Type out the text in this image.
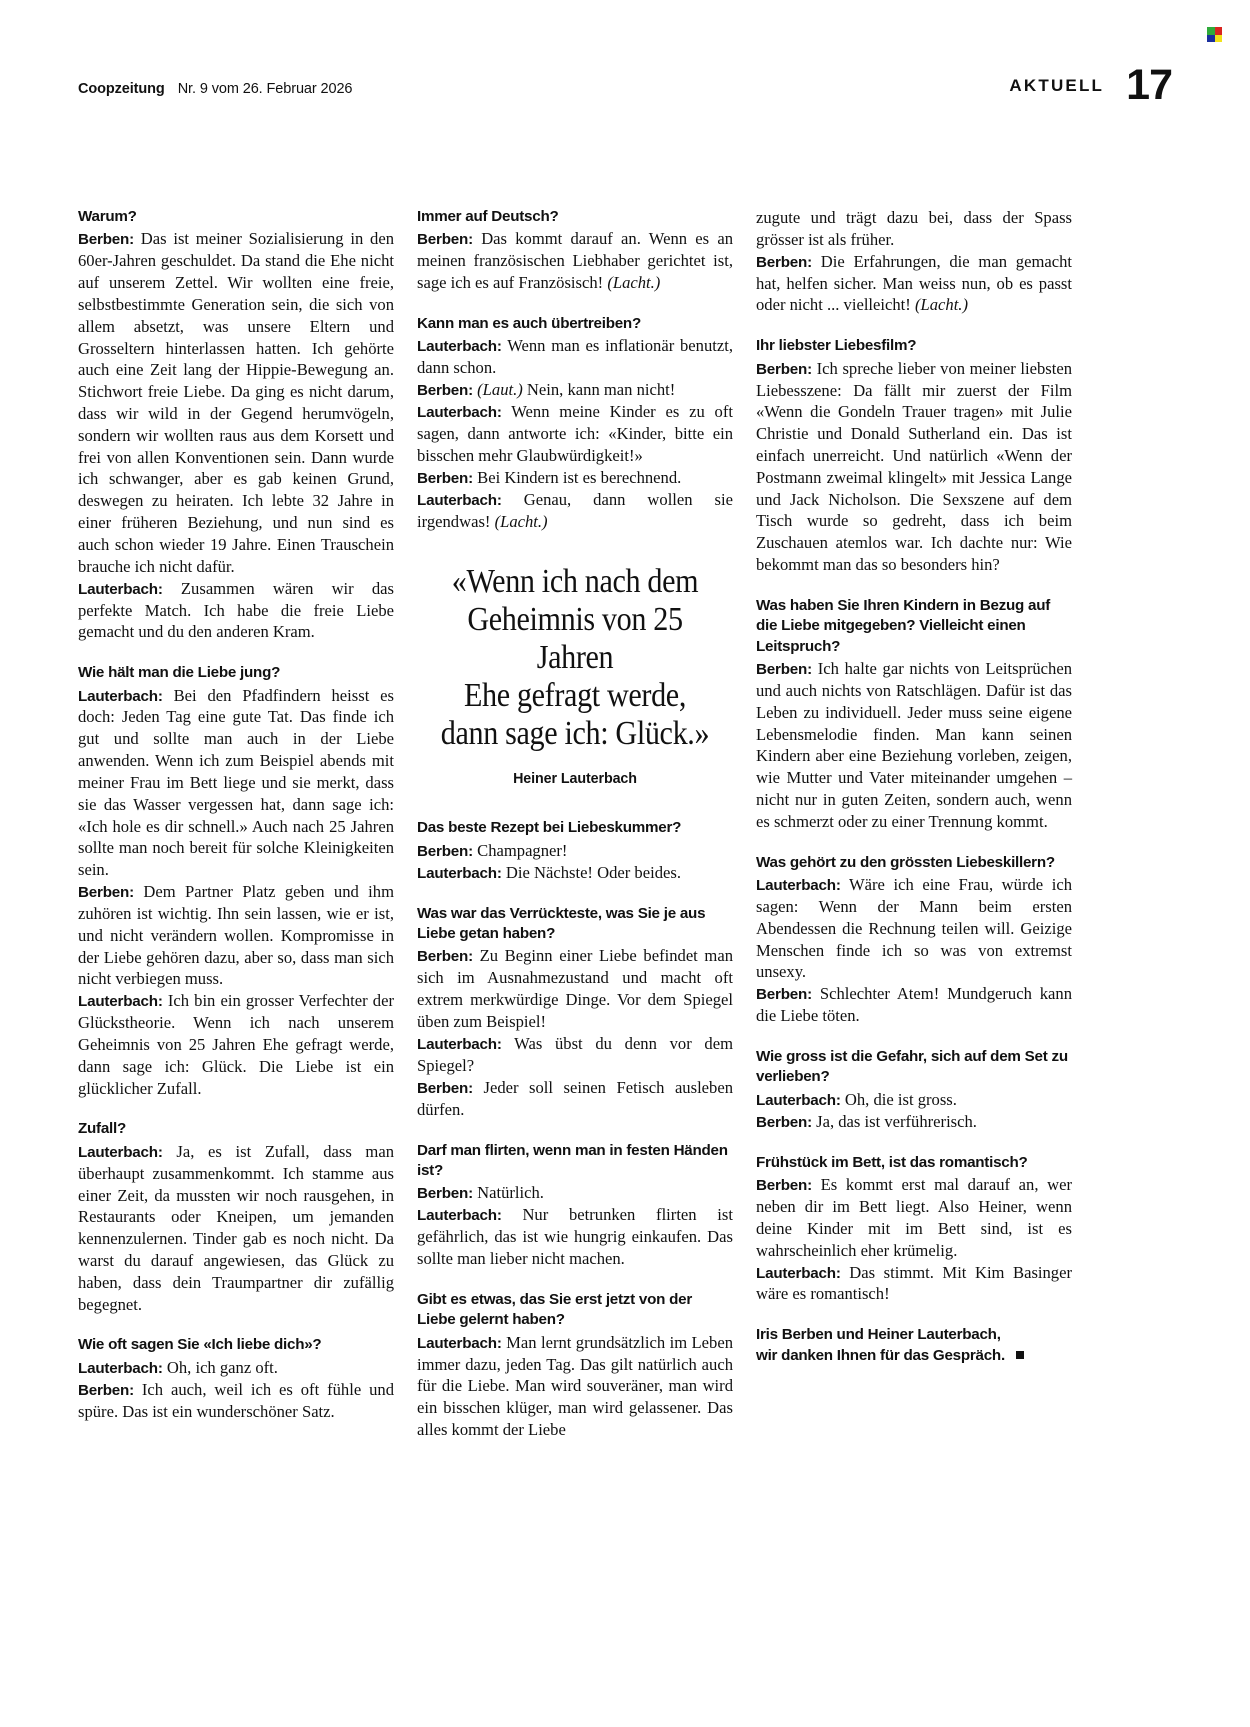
Coopzeitung Nr. 9 vom 26. Februar 2026	AKTUELL 17

Warum?

Berben: Das ist meiner Sozialisierung in den 60er-Jahren geschuldet. Da stand die Ehe nicht auf unserem Zettel. Wir wollten eine freie, selbstbestimmte Generation sein, die sich von allem absetzt, was unsere Eltern und Grosseltern hinterlassen hatten. Ich gehörte auch eine Zeit lang der Hippie-Bewegung an. Stichwort freie Liebe. Da ging es nicht darum, dass wir wild in der Gegend herumvögeln, sondern wir wollten raus aus dem Korsett und frei von allen Konventionen sein. Dann wurde ich schwanger, aber es gab keinen Grund, deswegen zu heiraten. Ich lebte 32 Jahre in einer früheren Beziehung, und nun sind es auch schon wieder 19 Jahre. Einen Trauschein brauche ich nicht dafür.

Lauterbach: Zusammen wären wir das perfekte Match. Ich habe die freie Liebe gemacht und du den anderen Kram.

Wie hält man die Liebe jung?

Lauterbach: Bei den Pfadfindern heisst es doch: Jeden Tag eine gute Tat. Das finde ich gut und sollte man auch in der Liebe anwenden. Wenn ich zum Beispiel abends mit meiner Frau im Bett liege und sie merkt, dass sie das Wasser vergessen hat, dann sage ich: «Ich hole es dir schnell.» Auch nach 25 Jahren sollte man noch bereit für solche Kleinigkeiten sein.

Berben: Dem Partner Platz geben und ihm zuhören ist wichtig. Ihn sein lassen, wie er ist, und nicht verändern wollen. Kompromisse in der Liebe gehören dazu, aber so, dass man sich nicht verbiegen muss.

Lauterbach: Ich bin ein grosser Verfechter der Glückstheorie. Wenn ich nach unserem Geheimnis von 25 Jahren Ehe gefragt werde, dann sage ich: Glück. Die Liebe ist ein glücklicher Zufall.

Zufall?

Lauterbach: Ja, es ist Zufall, dass man überhaupt zusammenkommt. Ich stamme aus einer Zeit, da mussten wir noch rausgehen, in Restaurants oder Kneipen, um jemanden kennenzulernen. Tinder gab es noch nicht. Da warst du darauf angewiesen, das Glück zu haben, dass dein Traumpartner dir zufällig begegnet.

Wie oft sagen Sie «Ich liebe dich»?

Lauterbach: Oh, ich ganz oft.

Berben: Ich auch, weil ich es oft fühle und spüre. Das ist ein wunderschöner Satz.

Immer auf Deutsch?

Berben: Das kommt darauf an. Wenn es an meinen französischen Liebhaber gerichtet ist, sage ich es auf Französisch! (Lacht.)

Kann man es auch übertreiben?

Lauterbach: Wenn man es inflationär benutzt, dann schon.

Berben: (Laut.) Nein, kann man nicht!

Lauterbach: Wenn meine Kinder es zu oft sagen, dann antworte ich: «Kinder, bitte ein bisschen mehr Glaubwürdigkeit!»

Berben: Bei Kindern ist es berechnend.

Lauterbach: Genau, dann wollen sie irgendwas! (Lacht.)

«Wenn ich nach dem
Geheimnis von 25 Jahren
Ehe gefragt werde,
dann sage ich: Glück.»

Heiner Lauterbach

Das beste Rezept bei Liebeskummer?

Berben: Champagner!

Lauterbach: Die Nächste! Oder beides.

Was war das Verrückteste, was Sie je aus Liebe getan haben?

Berben: Zu Beginn einer Liebe befindet man sich im Ausnahmezustand und macht oft extrem merkwürdige Dinge. Vor dem Spiegel üben zum Beispiel!

Lauterbach: Was übst du denn vor dem Spiegel?

Berben: Jeder soll seinen Fetisch ausleben dürfen.

Darf man flirten, wenn man in festen Händen ist?

Berben: Natürlich.

Lauterbach: Nur betrunken flirten ist gefährlich, das ist wie hungrig einkaufen. Das sollte man lieber nicht machen.

Gibt es etwas, das Sie erst jetzt von der Liebe gelernt haben?

Lauterbach: Man lernt grundsätzlich im Leben immer dazu, jeden Tag. Das gilt natürlich auch für die Liebe. Man wird souveräner, man wird ein bisschen klüger, man wird gelassener. Das alles kommt der Liebe

zugute und trägt dazu bei, dass der Spass grösser ist als früher.

Berben: Die Erfahrungen, die man gemacht hat, helfen sicher. Man weiss nun, ob es passt oder nicht ... vielleicht! (Lacht.)

Ihr liebster Liebesfilm?

Berben: Ich spreche lieber von meiner liebsten Liebesszene: Da fällt mir zuerst der Film «Wenn die Gondeln Trauer tragen» mit Julie Christie und Donald Sutherland ein. Das ist einfach unerreicht. Und natürlich «Wenn der Postmann zweimal klingelt» mit Jessica Lange und Jack Nicholson. Die Sexszene auf dem Tisch wurde so gedreht, dass ich beim Zuschauen atemlos war. Ich dachte nur: Wie bekommt man das so besonders hin?

Was haben Sie Ihren Kindern in Bezug auf die Liebe mitgegeben? Vielleicht einen Leitspruch?

Berben: Ich halte gar nichts von Leitsprüchen und auch nichts von Ratschlägen. Dafür ist das Leben zu individuell. Jeder muss seine eigene Lebensmelodie finden. Man kann seinen Kindern aber eine Beziehung vorleben, zeigen, wie Mutter und Vater miteinander umgehen – nicht nur in guten Zeiten, sondern auch, wenn es schmerzt oder zu einer Trennung kommt.

Was gehört zu den grössten Liebeskillern?

Lauterbach: Wäre ich eine Frau, würde ich sagen: Wenn der Mann beim ersten Abendessen die Rechnung teilen will. Geizige Menschen finde ich so was von extremst unsexy.

Berben: Schlechter Atem! Mundgeruch kann die Liebe töten.

Wie gross ist die Gefahr, sich auf dem Set zu verlieben?

Lauterbach: Oh, die ist gross.

Berben: Ja, das ist verführerisch.

Frühstück im Bett, ist das romantisch?

Berben: Es kommt erst mal darauf an, wer neben dir im Bett liegt. Also Heiner, wenn deine Kinder mit im Bett sind, ist es wahrscheinlich eher krümelig.

Lauterbach: Das stimmt. Mit Kim Basinger wäre es romantisch!

Iris Berben und Heiner Lauterbach,
wir danken Ihnen für das Gespräch.
